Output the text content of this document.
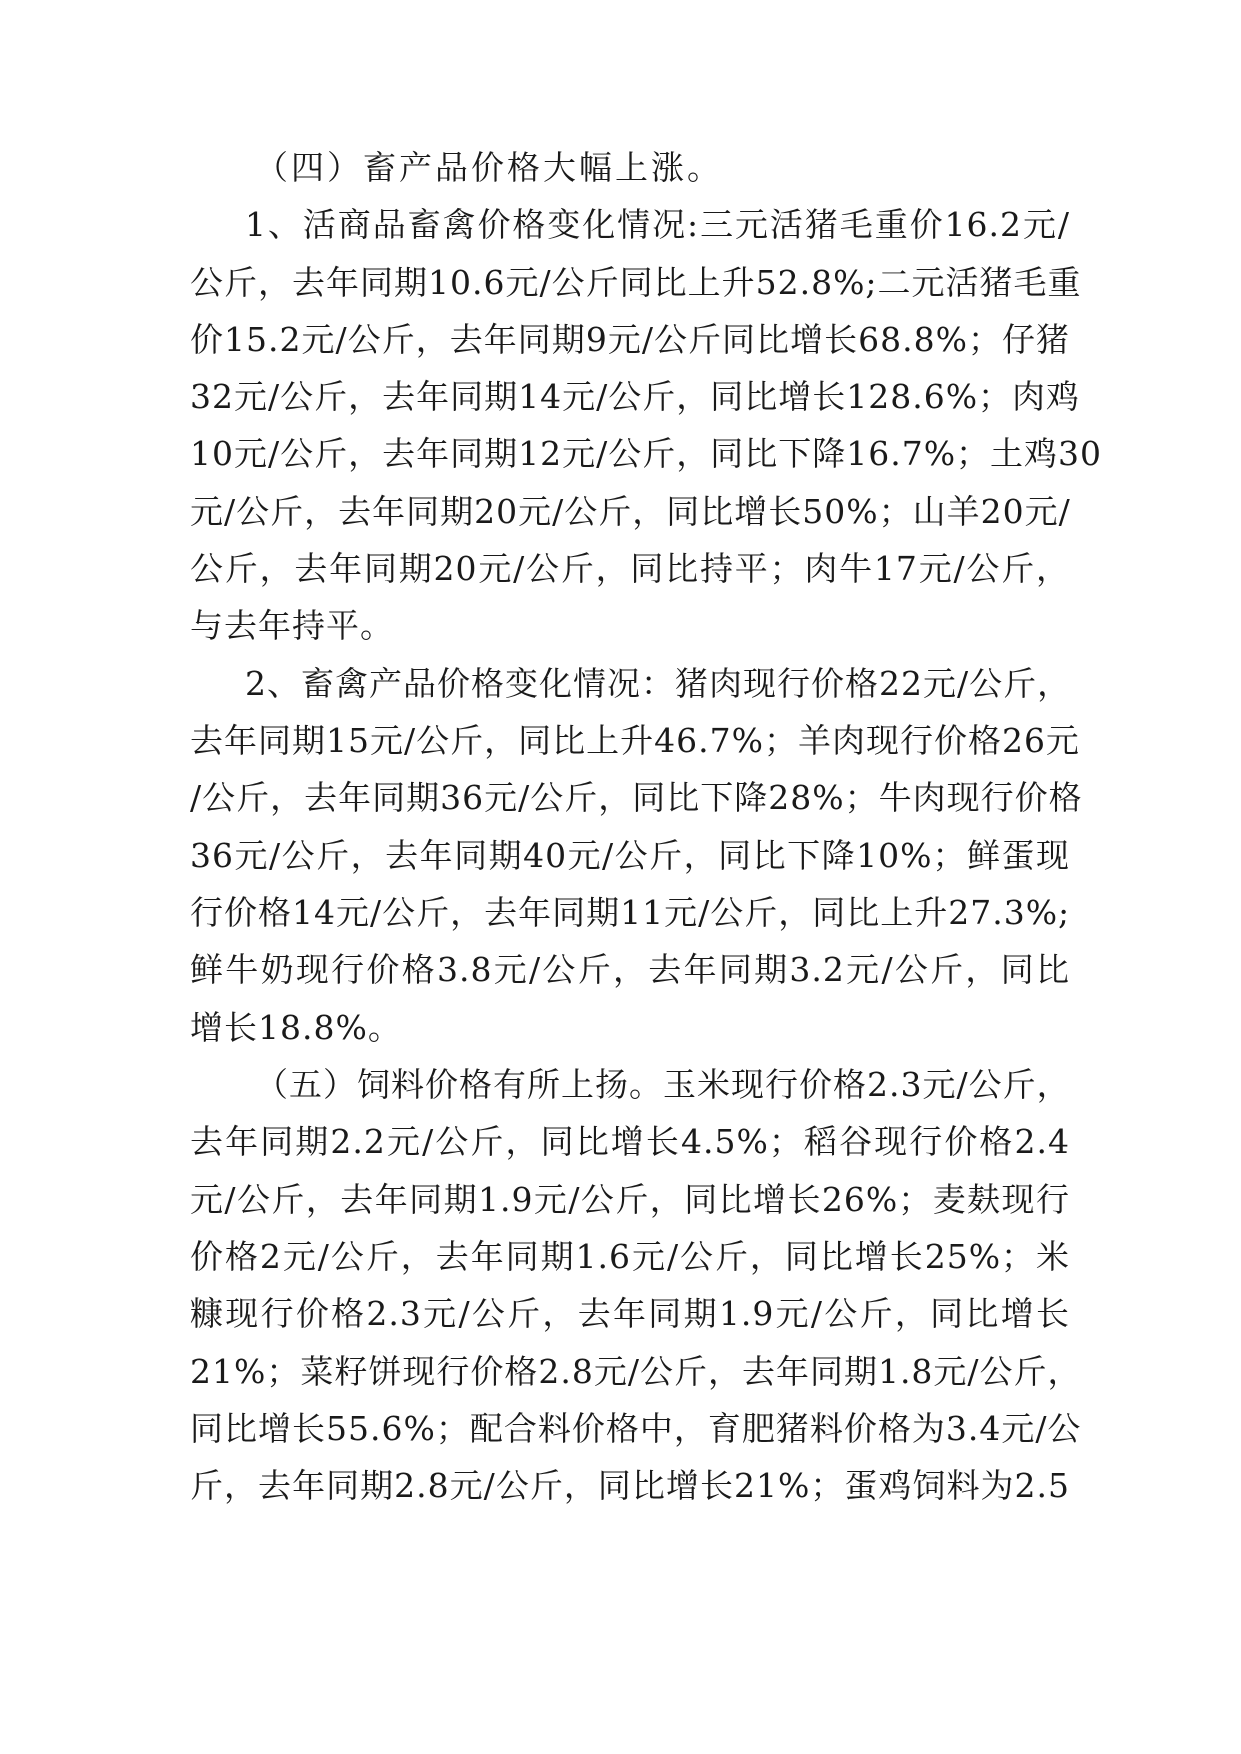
（四）畜产品价格大幅上涨。
1、活商品畜禽价格变化情况:三元活猪毛重价16.2元/
公斤，去年同期10.6元/公斤同比上升52.8%;二元活猪毛重
价15.2元/公斤，去年同期9元/公斤同比增长68.8%；仔猪
32元/公斤，去年同期14元/公斤，同比增长128.6%；肉鸡
10元/公斤，去年同期12元/公斤，同比下降16.7%；土鸡30
元/公斤，去年同期20元/公斤，同比增长50%；山羊20元/
公斤，去年同期20元/公斤，同比持平；肉牛17元/公斤，
与去年持平。
2、畜禽产品价格变化情况：猪肉现行价格22元/公斤，
去年同期15元/公斤，同比上升46.7%；羊肉现行价格26元
/公斤，去年同期36元/公斤，同比下降28%；牛肉现行价格
36元/公斤，去年同期40元/公斤，同比下降10%；鲜蛋现
行价格14元/公斤，去年同期11元/公斤，同比上升27.3%;
鲜牛奶现行价格3.8元/公斤，去年同期3.2元/公斤，同比
增长18.8%。
（五）饲料价格有所上扬。玉米现行价格2.3元/公斤，
去年同期2.2元/公斤，同比增长4.5%；稻谷现行价格2.4
元/公斤，去年同期1.9元/公斤，同比增长26%；麦麸现行
价格2元/公斤，去年同期1.6元/公斤，同比增长25%；米
糠现行价格2.3元/公斤，去年同期1.9元/公斤，同比增长
21%；菜籽饼现行价格2.8元/公斤，去年同期1.8元/公斤，
同比增长55.6%；配合料价格中，育肥猪料价格为3.4元/公
斤，去年同期2.8元/公斤，同比增长21%；蛋鸡饲料为2.5
